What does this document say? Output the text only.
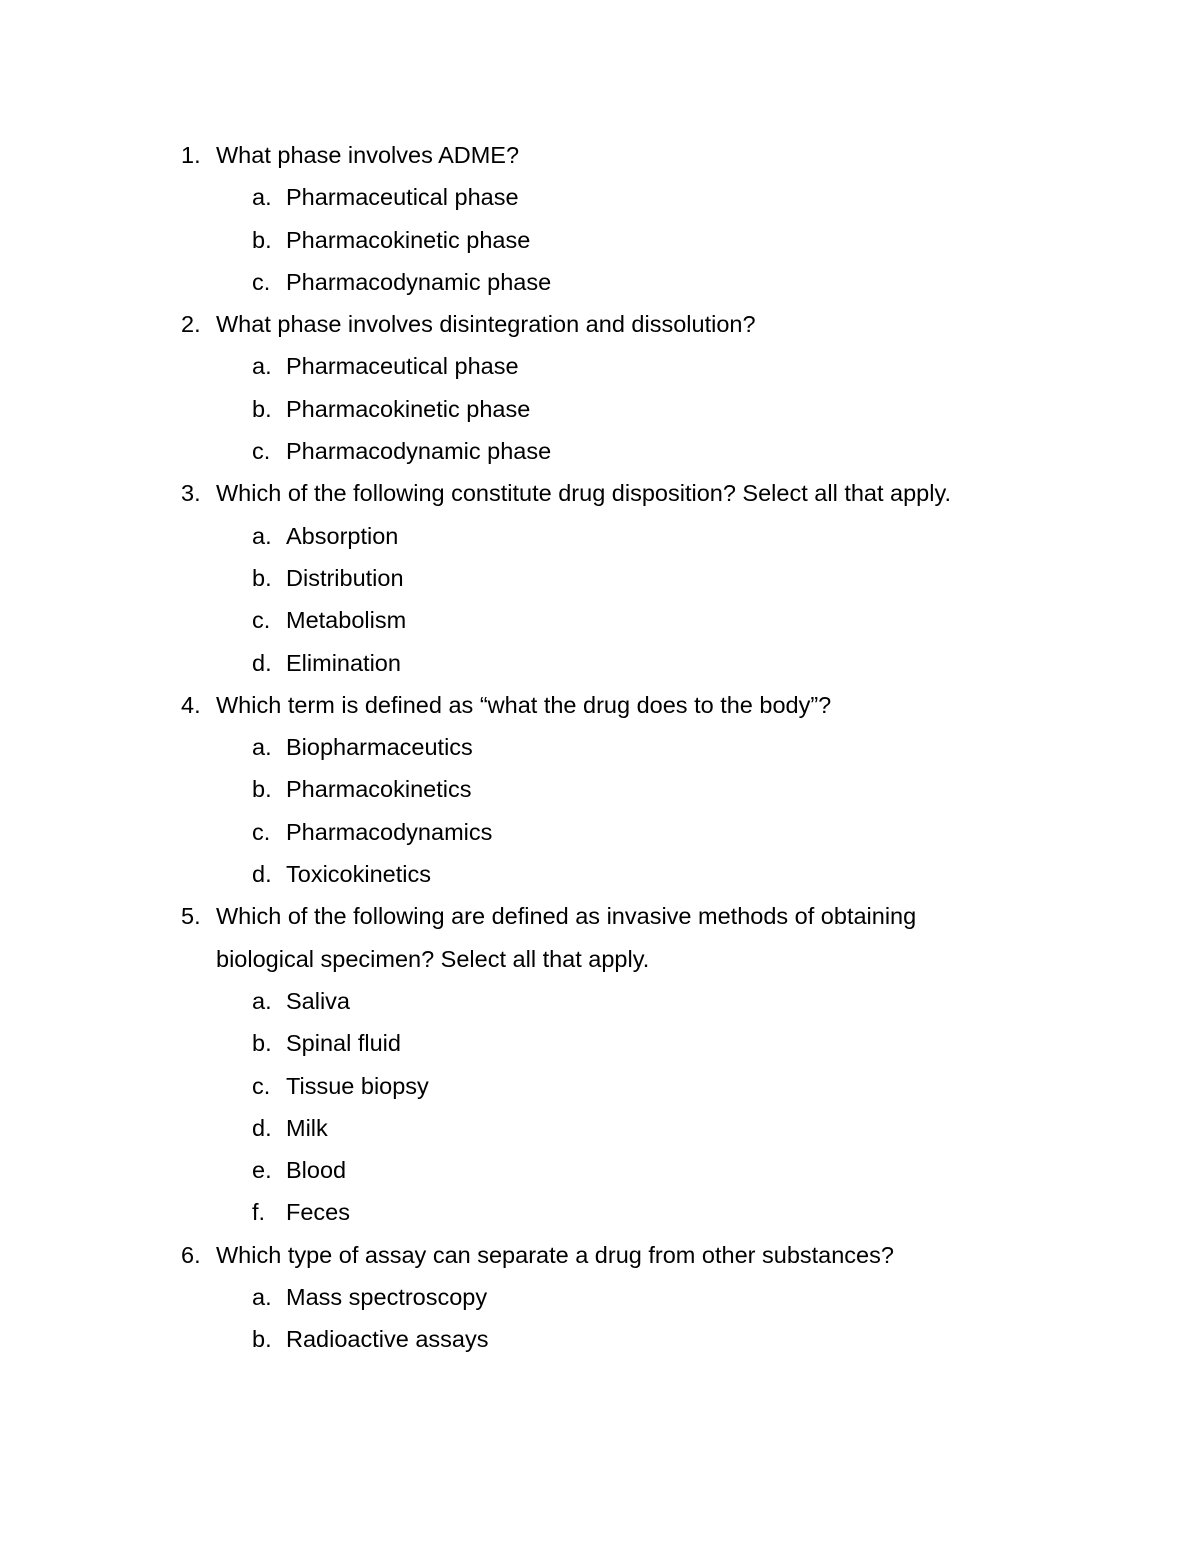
1. What phase involves ADME?
a. Pharmaceutical phase
b. Pharmacokinetic phase
c. Pharmacodynamic phase
2. What phase involves disintegration and dissolution?
a. Pharmaceutical phase
b. Pharmacokinetic phase
c. Pharmacodynamic phase
3. Which of the following constitute drug disposition? Select all that apply.
a. Absorption
b. Distribution
c. Metabolism
d. Elimination
4. Which term is defined as “what the drug does to the body”?
a. Biopharmaceutics
b. Pharmacokinetics
c. Pharmacodynamics
d. Toxicokinetics
5. Which of the following are defined as invasive methods of obtaining biological specimen? Select all that apply.
a. Saliva
b. Spinal fluid
c. Tissue biopsy
d. Milk
e. Blood
f. Feces
6. Which type of assay can separate a drug from other substances?
a. Mass spectroscopy
b. Radioactive assays
